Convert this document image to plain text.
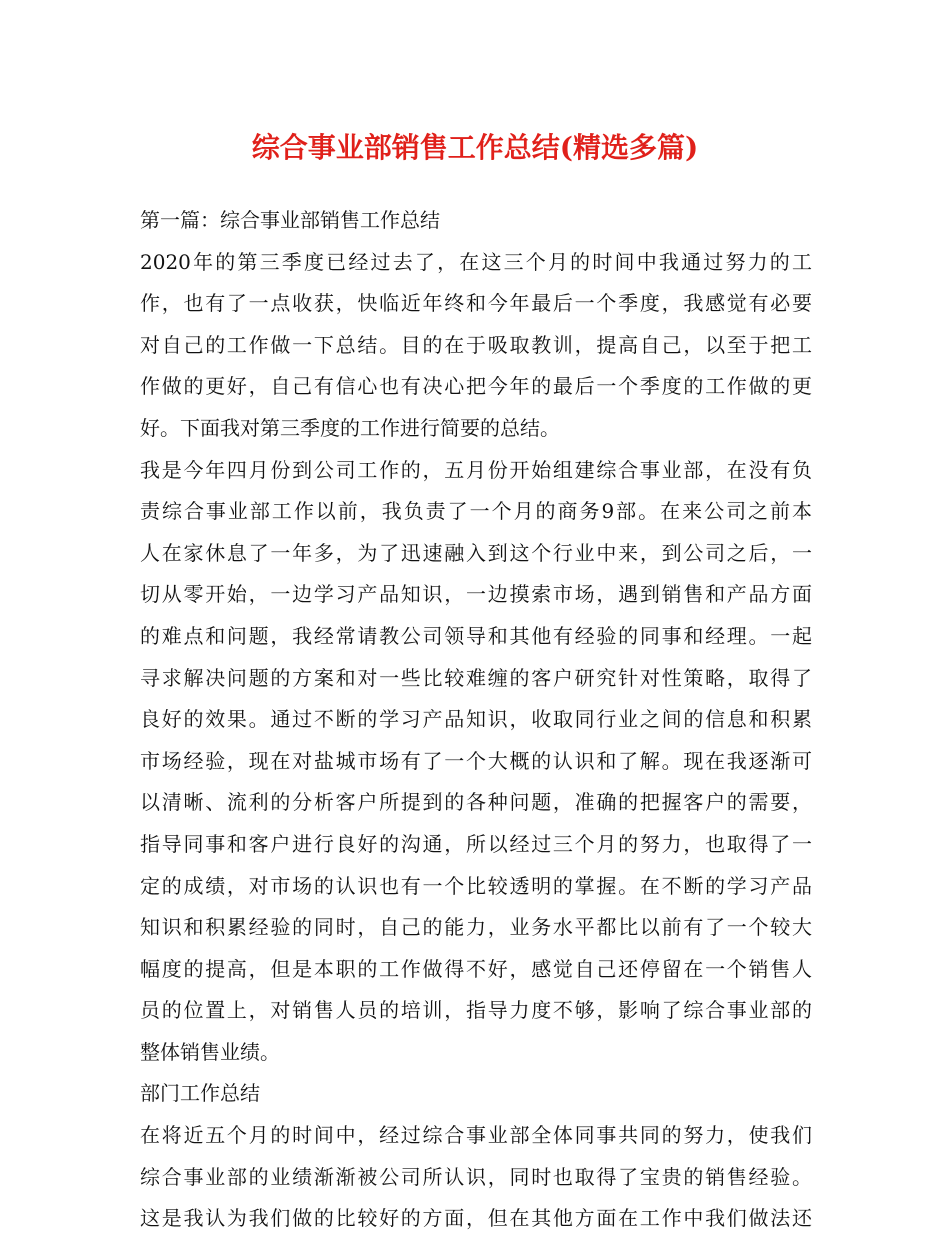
综合事业部销售工作总结(精选多篇)
第一篇：综合事业部销售工作总结
2020年的第三季度已经过去了，在这三个月的时间中我通过努力的工
作，也有了一点收获，快临近年终和今年最后一个季度，我感觉有必要
对自己的工作做一下总结。目的在于吸取教训，提高自己，以至于把工
作做的更好，自己有信心也有决心把今年的最后一个季度的工作做的更
好。下面我对第三季度的工作进行简要的总结。
我是今年四月份到公司工作的，五月份开始组建综合事业部，在没有负
责综合事业部工作以前，我负责了一个月的商务9部。在来公司之前本
人在家休息了一年多，为了迅速融入到这个行业中来，到公司之后，一
切从零开始，一边学习产品知识，一边摸索市场，遇到销售和产品方面
的难点和问题，我经常请教公司领导和其他有经验的同事和经理。一起
寻求解决问题的方案和对一些比较难缠的客户研究针对性策略，取得了
良好的效果。通过不断的学习产品知识，收取同行业之间的信息和积累
市场经验，现在对盐城市场有了一个大概的认识和了解。现在我逐渐可
以清晰、流利的分析客户所提到的各种问题，准确的把握客户的需要，
指导同事和客户进行良好的沟通，所以经过三个月的努力，也取得了一
定的成绩，对市场的认识也有一个比较透明的掌握。在不断的学习产品
知识和积累经验的同时，自己的能力，业务水平都比以前有了一个较大
幅度的提高，但是本职的工作做得不好，感觉自己还停留在一个销售人
员的位置上，对销售人员的培训，指导力度不够，影响了综合事业部的
整体销售业绩。
部门工作总结
在将近五个月的时间中，经过综合事业部全体同事共同的努力，使我们
综合事业部的业绩渐渐被公司所认识，同时也取得了宝贵的销售经验。
这是我认为我们做的比较好的方面，但在其他方面在工作中我们做法还
